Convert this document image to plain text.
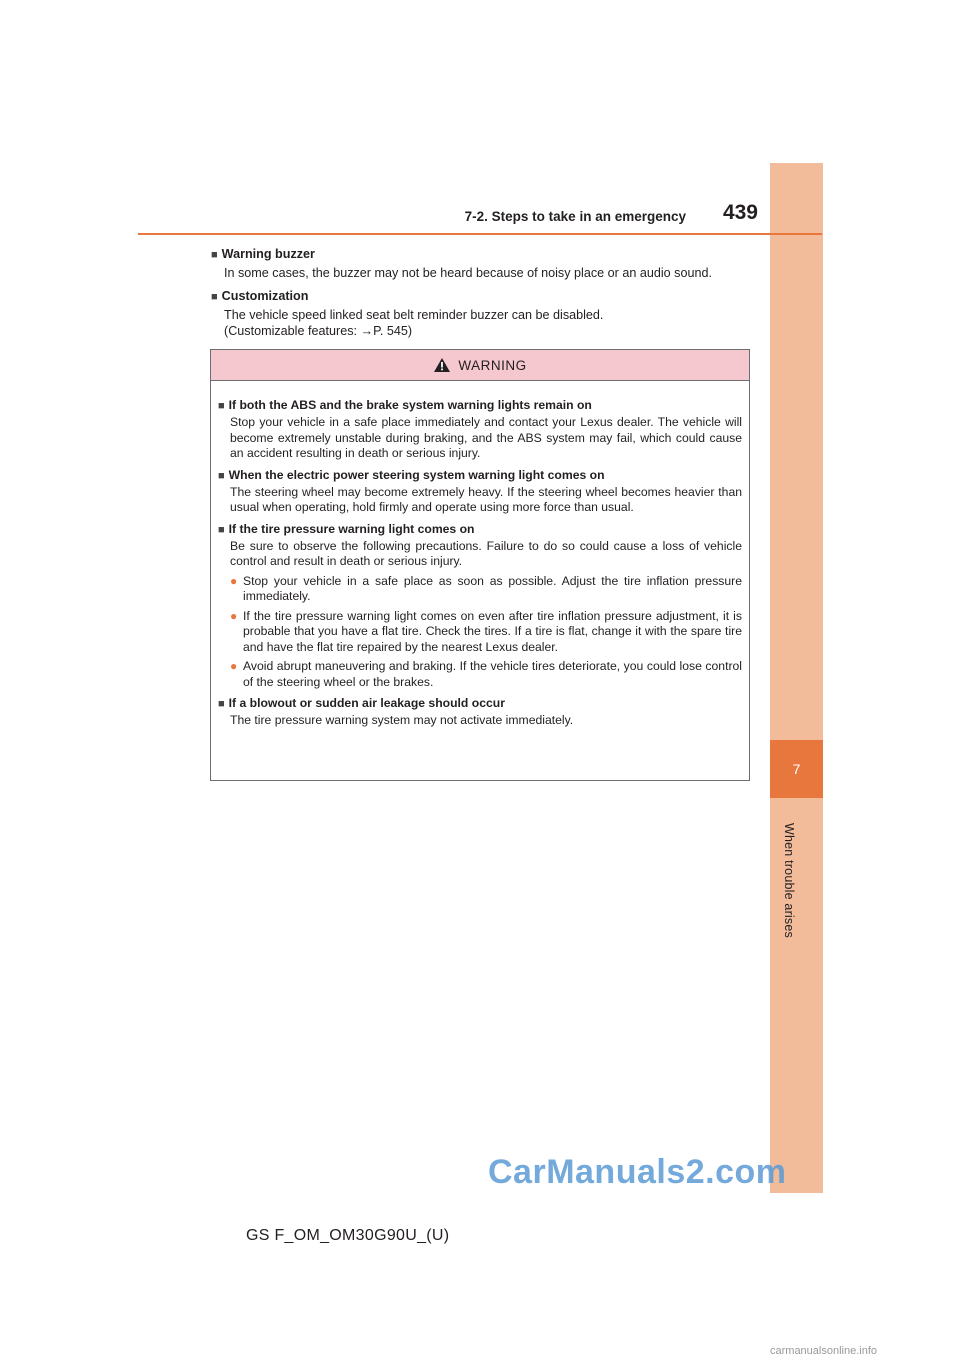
7
When trouble arises
7-2. Steps to take in an emergency 439
■ Warning buzzer
In some cases, the buzzer may not be heard because of noisy place or an audio sound.
■ Customization
The vehicle speed linked seat belt reminder buzzer can be disabled.
(Customizable features: →P. 545)
WARNING
■ If both the ABS and the brake system warning lights remain on
Stop your vehicle in a safe place immediately and contact your Lexus dealer. The vehicle will become extremely unstable during braking, and the ABS system may fail, which could cause an accident resulting in death or serious injury.
■ When the electric power steering system warning light comes on
The steering wheel may become extremely heavy. If the steering wheel becomes heavier than usual when operating, hold firmly and operate using more force than usual.
■ If the tire pressure warning light comes on
Be sure to observe the following precautions. Failure to do so could cause a loss of vehicle control and result in death or serious injury.
● Stop your vehicle in a safe place as soon as possible. Adjust the tire inflation pressure immediately.
● If the tire pressure warning light comes on even after tire inflation pressure adjustment, it is probable that you have a flat tire. Check the tires. If a tire is flat, change it with the spare tire and have the flat tire repaired by the nearest Lexus dealer.
● Avoid abrupt maneuvering and braking. If the vehicle tires deteriorate, you could lose control of the steering wheel or the brakes.
■ If a blowout or sudden air leakage should occur
The tire pressure warning system may not activate immediately.
CarManuals2.com
GS F_OM_OM30G90U_(U)
carmanualsonline.info
